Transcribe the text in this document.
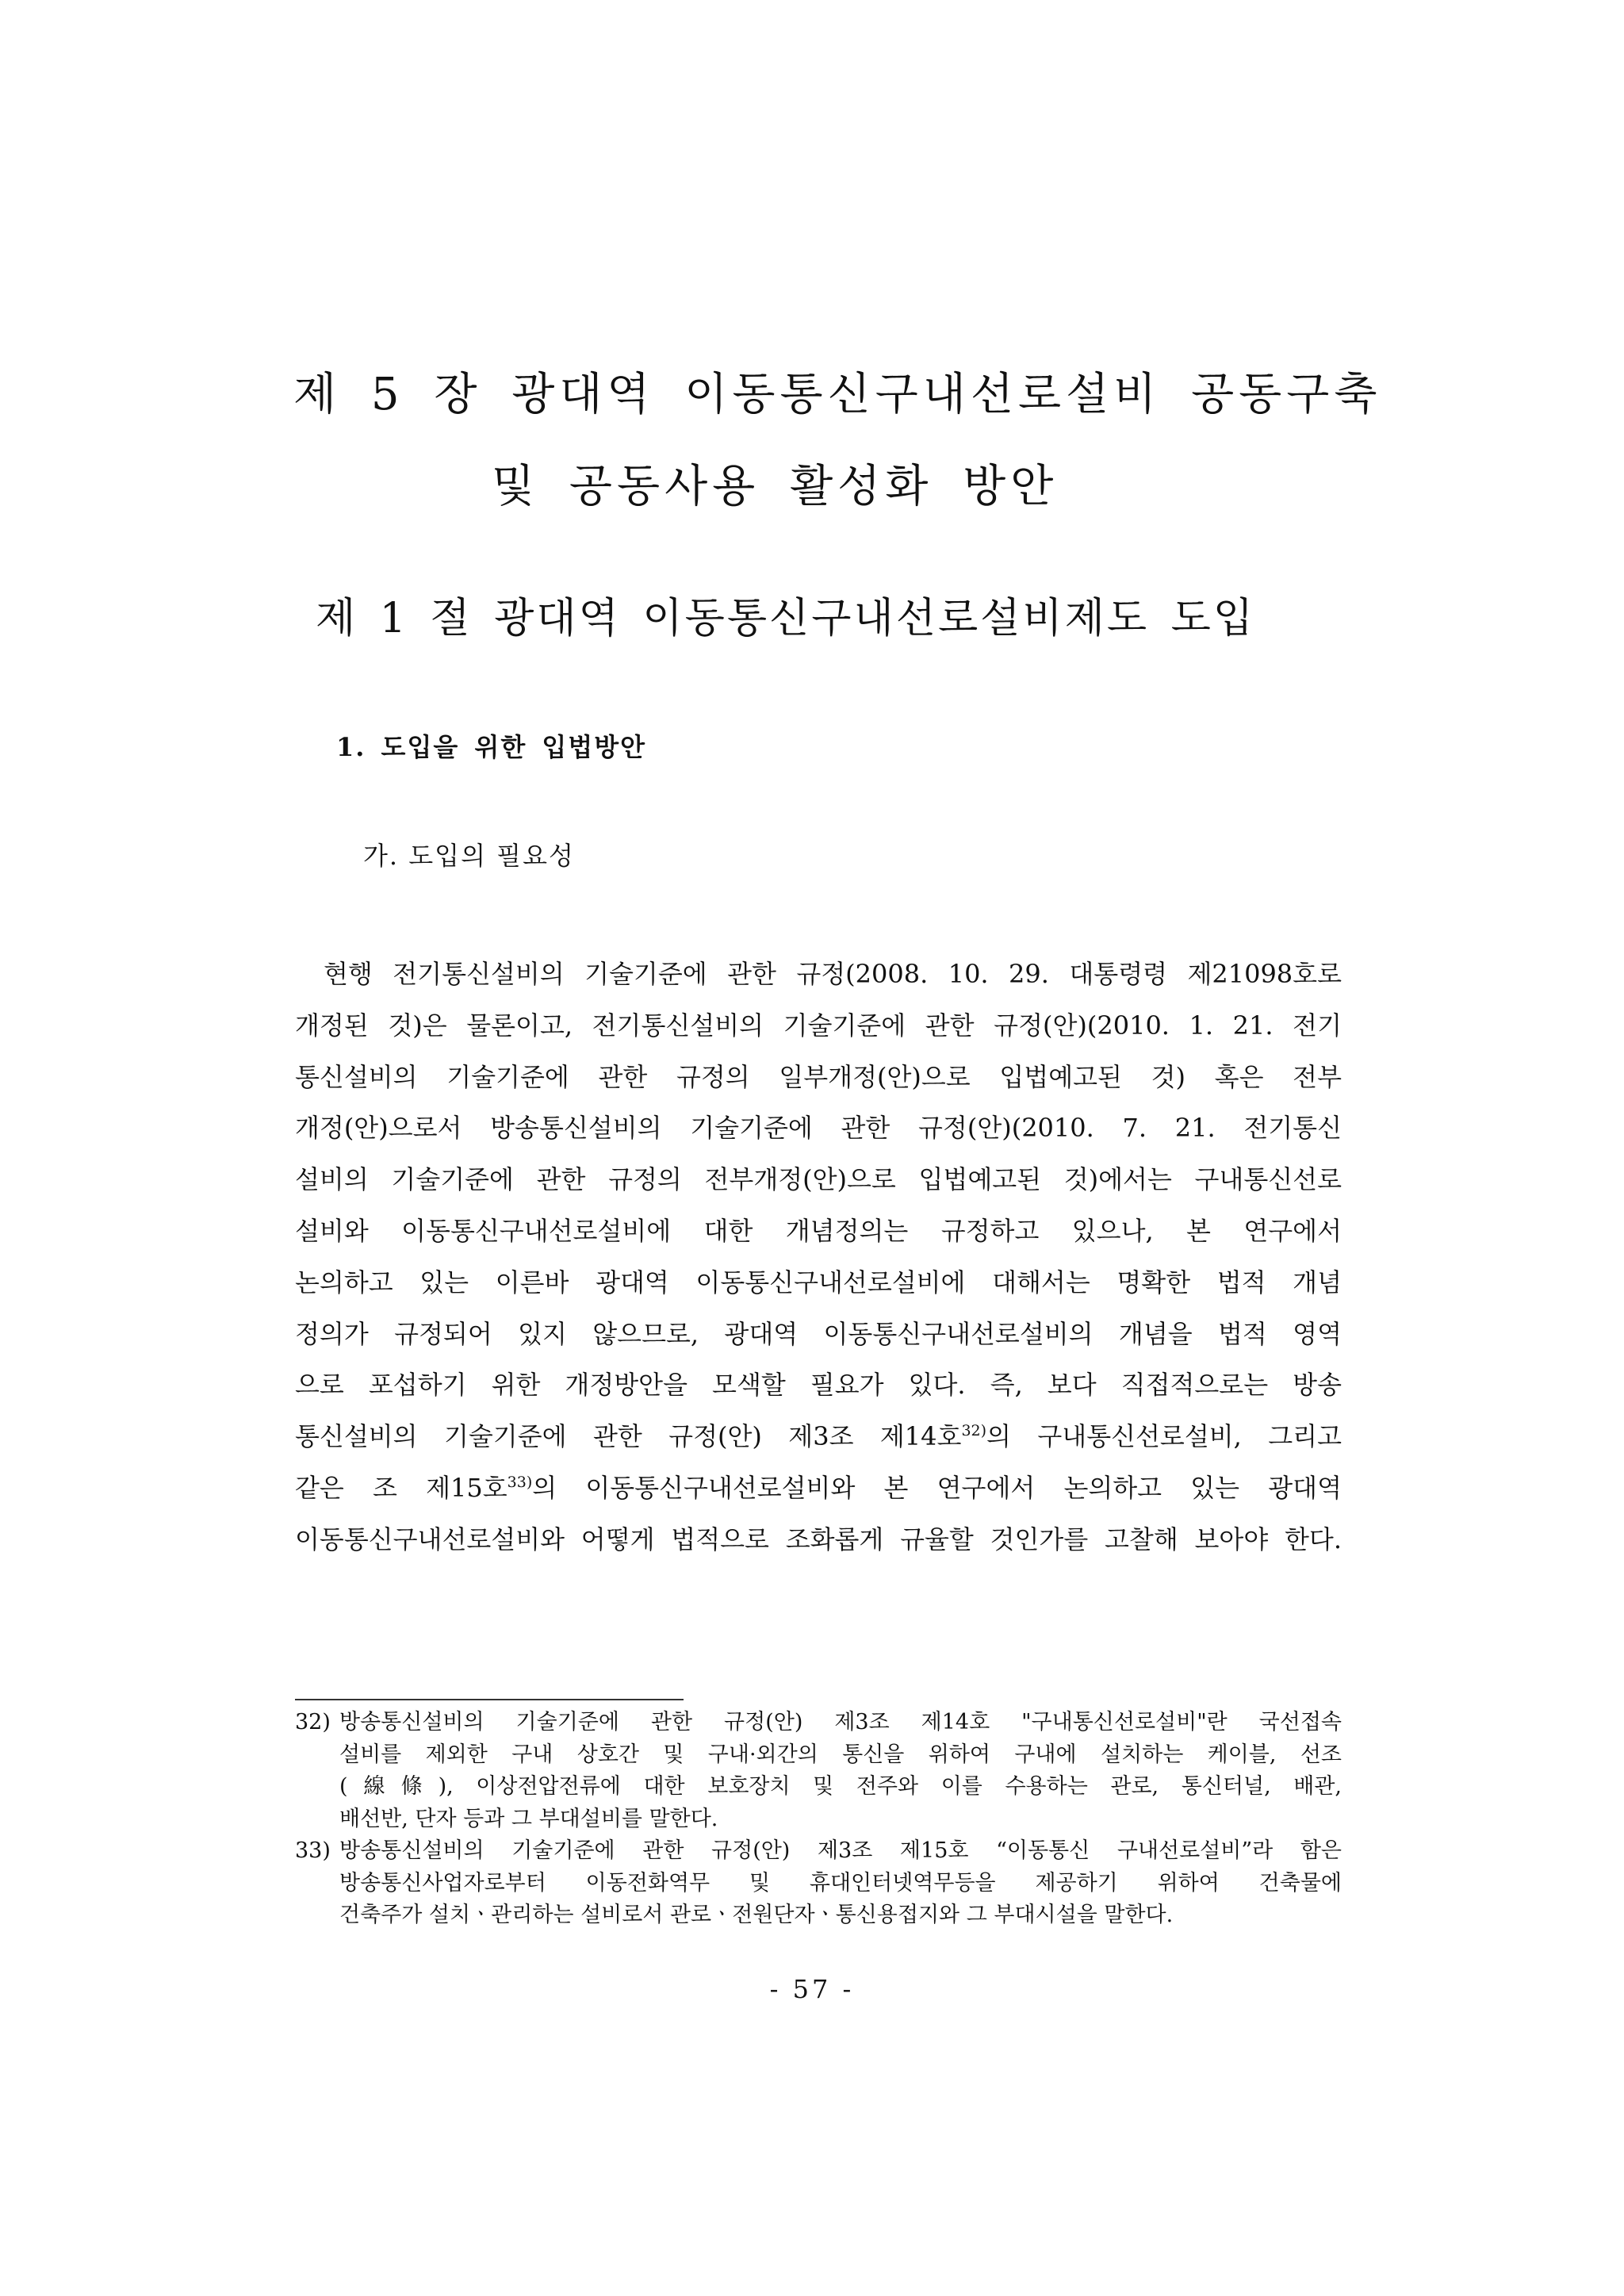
제 5 장 광대역 이동통신구내선로설비 공동구축
및 공동사용 활성화 방안
제 1 절 광대역 이동통신구내선로설비제도 도입
1. 도입을 위한 입법방안
가. 도입의 필요성
현행 전기통신설비의 기술기준에 관한 규정(2008. 10. 29. 대통령령 제21098호로
개정된 것)은 물론이고, 전기통신설비의 기술기준에 관한 규정(안)(2010. 1. 21. 전기
통신설비의 기술기준에 관한 규정의 일부개정(안)으로 입법예고된 것) 혹은 전부
개정(안)으로서 방송통신설비의 기술기준에 관한 규정(안)(2010. 7. 21. 전기통신
설비의 기술기준에 관한 규정의 전부개정(안)으로 입법예고된 것)에서는 구내통신선로
설비와 이동통신구내선로설비에 대한 개념정의는 규정하고 있으나, 본 연구에서
논의하고 있는 이른바 광대역 이동통신구내선로설비에 대해서는 명확한 법적 개념
정의가 규정되어 있지 않으므로, 광대역 이동통신구내선로설비의 개념을 법적 영역
으로 포섭하기 위한 개정방안을 모색할 필요가 있다. 즉, 보다 직접적으로는 방송
통신설비의 기술기준에 관한 규정(안) 제3조 제14호$^{32)}$의 구내통신선로설비, 그리고
같은 조 제15호$^{33)}$의 이동통신구내선로설비와 본 연구에서 논의하고 있는 광대역
이동통신구내선로설비와 어떻게 법적으로 조화롭게 규율할 것인가를 고찰해 보아야 한다.
32) 방송통신설비의 기술기준에 관한 규정(안) 제3조 제14호 "구내통신선로설비"란 국선접속
설비를 제외한 구내 상호간 및 구내·외간의 통신을 위하여 구내에 설치하는 케이블, 선조
(線條), 이상전압전류에 대한 보호장치 및 전주와 이를 수용하는 관로, 통신터널, 배관,
배선반, 단자 등과 그 부대설비를 말한다.
33) 방송통신설비의 기술기준에 관한 규정(안) 제3조 제15호 “이동통신 구내선로설비”라 함은
방송통신사업자로부터 이동전화역무 및 휴대인터넷역무등을 제공하기 위하여 건축물에
건축주가 설치ㆍ관리하는 설비로서 관로ㆍ전원단자ㆍ통신용접지와 그 부대시설을 말한다.
- 57 -
